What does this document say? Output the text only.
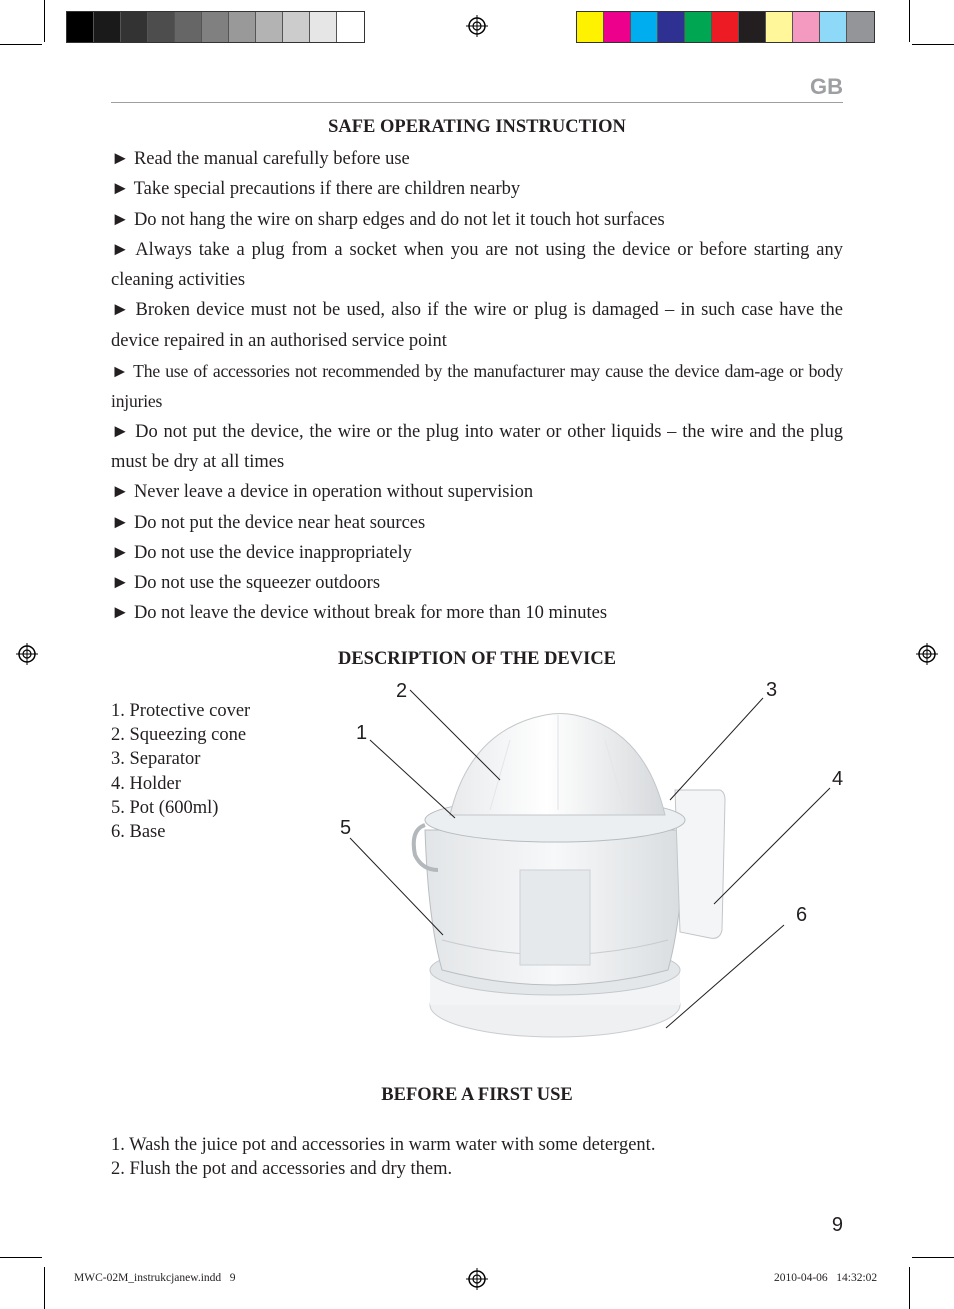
GB
SAFE OPERATING INSTRUCTION

► Read the manual carefully before use

► Take special precautions if there are children nearby

► Do not hang the wire on sharp edges and do not let it touch hot surfaces

► Always take a plug from a socket when you are not using the device or before starting any cleaning activities

► Broken device must not be used, also if the wire or plug is damaged – in such case have the device repaired in an authorised service point

► The use of accessories not recommended by the manufacturer may cause the device dam-age or body injuries

► Do not put the device, the wire or the plug into water or other liquids – the wire and the plug must be dry at all times

► Never leave a device in operation without supervision

► Do not put the device near heat sources

► Do not use the device inappropriately

► Do not use the squeezer outdoors

► Do not leave the device without break for more than 10 minutes

DESCRIPTION OF THE DEVICE

1. Protective cover

2. Squeezing cone

3. Separator

4. Holder

5. Pot (600ml)

6. Base

2	3
1
4
5
6
BEFORE A FIRST USE

1. Wash the juice pot and accessories in warm water with some detergent.

2. Flush the pot and accessories and dry them.

9
MWC-02M_instrukcjanew.indd   9	2010-04-06   14:32:02
